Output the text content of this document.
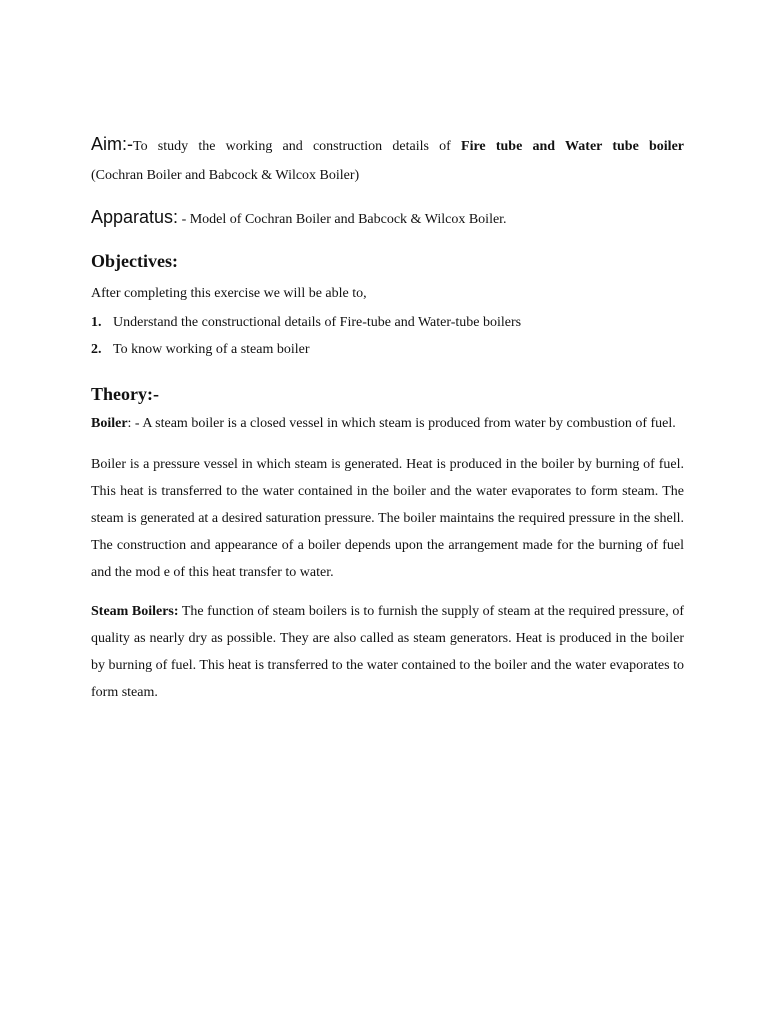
Aim:-To study the working and construction details of Fire tube and Water tube boiler

(Cochran Boiler and Babcock & Wilcox Boiler)

Apparatus: - Model of Cochran Boiler and Babcock & Wilcox Boiler.

Objectives:

After completing this exercise we will be able to,

1. Understand the constructional details of Fire-tube and Water-tube boilers
2. To know working of a steam boiler
Theory:-

Boiler: - A steam boiler is a closed vessel in which steam is produced from water by combustion of fuel.

Boiler is a pressure vessel in which steam is generated. Heat is produced in the boiler by burning of fuel. This heat is transferred to the water contained in the boiler and the water evaporates to form steam. The steam is generated at a desired saturation pressure. The boiler maintains the required pressure in the shell. The construction and appearance of a boiler depends upon the arrangement made for the burning of fuel and the mod e of this heat transfer to water.

Steam Boilers: The function of steam boilers is to furnish the supply of steam at the required pressure, of quality as nearly dry as possible. They are also called as steam generators. Heat is produced in the boiler by burning of fuel. This heat is transferred to the water contained to the boiler and the water evaporates to form steam.
